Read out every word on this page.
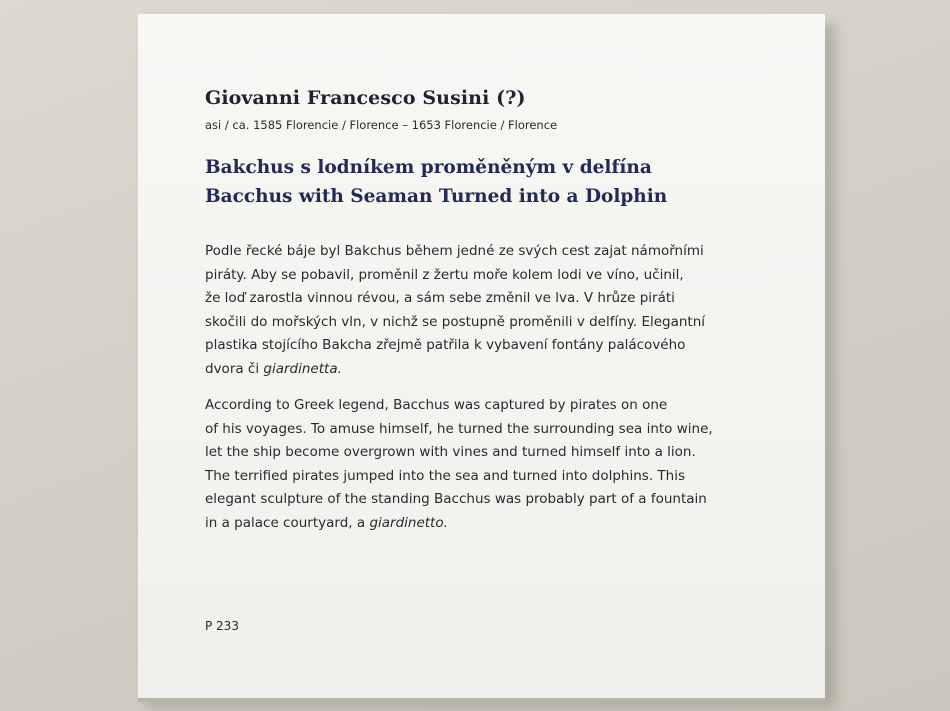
Giovanni Francesco Susini (?)
asi / ca. 1585 Florencie / Florence – 1653 Florencie / Florence
Bakchus s lodníkem proměněným v delfína
Bacchus with Seaman Turned into a Dolphin
Podle řecké báje byl Bakchus během jedné ze svých cest zajat námořními
piráty. Aby se pobavil, proměnil z žertu moře kolem lodi ve víno, učinil,
že loď zarostla vinnou révou, a sám sebe změnil ve lva. V hrůze piráti
skočili do mořských vln, v nichž se postupně proměnili v delfíny. Elegantní
plastika stojícího Bakcha zřejmě patřila k vybavení fontány palácového
dvora či giardinetta.
According to Greek legend, Bacchus was captured by pirates on one
of his voyages. To amuse himself, he turned the surrounding sea into wine,
let the ship become overgrown with vines and turned himself into a lion.
The terrified pirates jumped into the sea and turned into dolphins. This
elegant sculpture of the standing Bacchus was probably part of a fountain
in a palace courtyard, a giardinetto.
P 233
